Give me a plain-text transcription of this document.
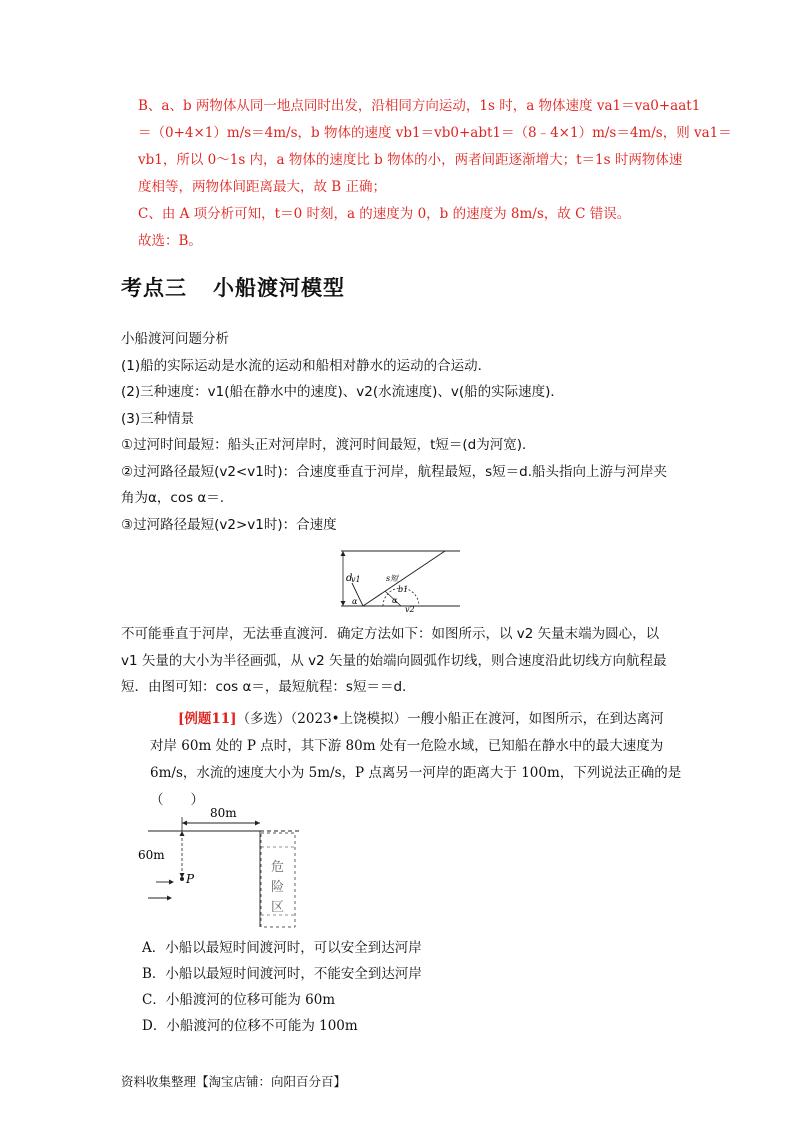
B、a、b 两物体从同一地点同时出发，沿相同方向运动，1s 时，a 物体速度 va1＝va0+aat1
＝（0+4×1）m/s＝4m/s，b 物体的速度 vb1＝vb0+abt1＝（8﹣4×1）m/s＝4m/s，则 va1＝
vb1，所以 0～1s 内，a 物体的速度比 b 物体的小，两者间距逐渐增大；t＝1s 时两物体速
度相等，两物体间距离最大，故 B 正确；
C、由 A 项分析可知，t＝0 时刻，a 的速度为 0，b 的速度为 8m/s，故 C 错误。
故选：B。
考点三 小船渡河模型
小船渡河问题分析
(1)船的实际运动是水流的运动和船相对静水的运动的合运动．
(2)三种速度：v1(船在静水中的速度)、v2(水流速度)、v(船的实际速度)．
(3)三种情景
①过河时间最短：船头正对河岸时，渡河时间最短，t短＝(d为河宽)．
②过河路径最短(v2<v1时)：合速度垂直于河岸，航程最短，s短＝d.船头指向上游与河岸夹
角为α，cos α＝.
③过河路径最短(v2>v1时)：合速度
d
v1	s短
b1
α	α
v2
不可能垂直于河岸，无法垂直渡河．确定方法如下：如图所示，以 v2 矢量末端为圆心，以
v1 矢量的大小为半径画弧，从 v2 矢量的始端向圆弧作切线，则合速度沿此切线方向航程最
短．由图可知：cos α＝，最短航程：s短＝＝d.
[例题11]（多选）（2023•上饶模拟）一艘小船正在渡河，如图所示，在到达离河
对岸 60m 处的 P 点时，其下游 80m 处有一危险水域，已知船在静水中的最大速度为
6m/s，水流的速度大小为 5m/s，P 点离另一河岸的距离大于 100m，下列说法正确的是
（　　）
80m
60m
P
危
险
区
A．小船以最短时间渡河时，可以安全到达河岸
B．小船以最短时间渡河时，不能安全到达河岸
C．小船渡河的位移可能为 60m
D．小船渡河的位移不可能为 100m
资料收集整理【淘宝店铺：向阳百分百】
